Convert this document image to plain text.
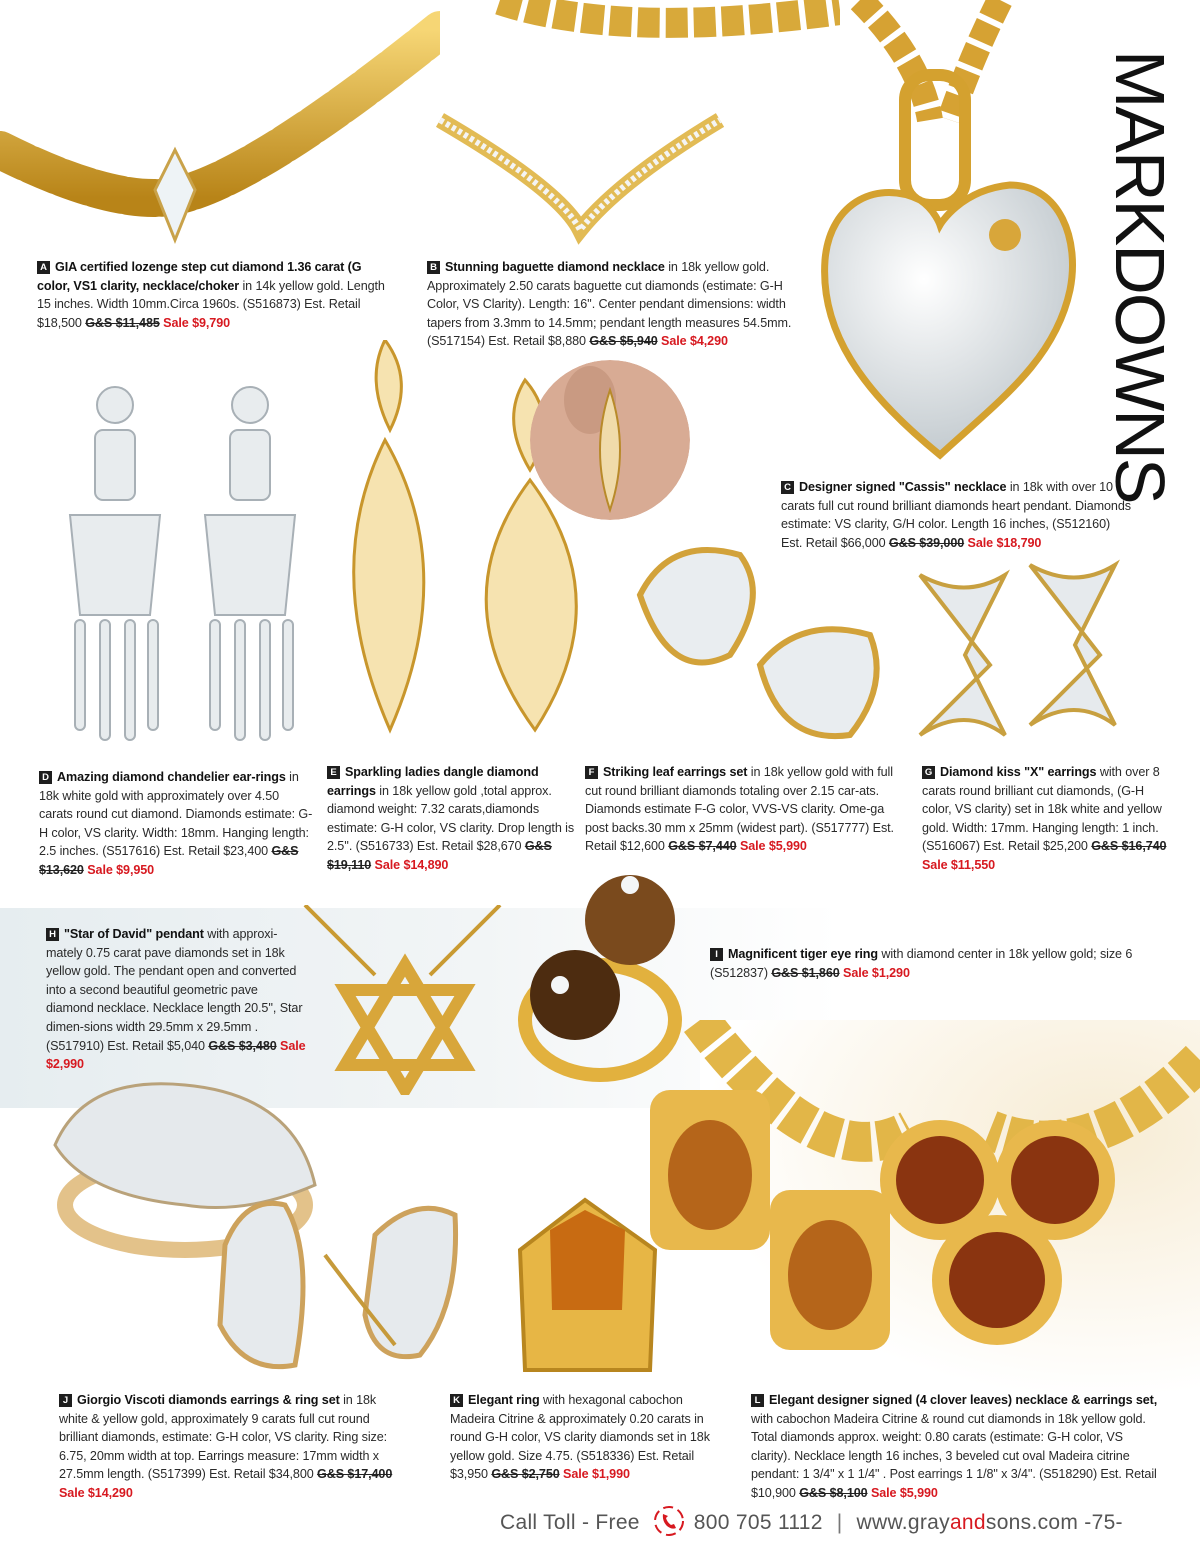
MARKDOWNS
A GIA certified lozenge step cut diamond 1.36 carat (G color, VS1 clarity, necklace/choker in 14k yellow gold. Length 15 inches. Width 10mm.Circa 1960s. (S516873) Est. Retail $18,500 G&S $11,485 Sale $9,790
B Stunning baguette diamond necklace in 18k yellow gold. Approximately 2.50 carats baguette cut diamonds (estimate: G-H Color, VS Clarity). Length: 16''. Center pendant dimensions: width tapers from 3.3mm to 14.5mm; pendant length measures 54.5mm. (S517154) Est. Retail $8,880 G&S $5,940 Sale $4,290
C Designer signed "Cassis" necklace in 18k with over 10 carats full cut round brilliant diamonds heart pendant. Diamonds estimate: VS clarity, G/H color. Length 16 inches, (S512160) Est. Retail $66,000 G&S $39,000 Sale $18,790
D Amazing diamond chandelier ear-rings in 18k white gold with approximately over 4.50 carats round cut diamond. Diamonds estimate: G-H color, VS clarity. Width: 18mm. Hanging length: 2.5 inches. (S517616) Est. Retail $23,400 G&S $13,620 Sale $9,950
E Sparkling ladies dangle diamond earrings in 18k yellow gold ,total approx. diamond weight: 7.32 carats,diamonds estimate: G-H color, VS clarity. Drop length is 2.5''. (S516733) Est. Retail $28,670 G&S $19,110 Sale $14,890
F Striking leaf earrings set in 18k yellow gold with full cut round brilliant diamonds totaling over 2.15 car-ats. Diamonds estimate F-G color, VVS-VS clarity. Ome-ga post backs.30 mm x 25mm (widest part). (S517777) Est. Retail $12,600 G&S $7,440 Sale $5,990
G Diamond kiss "X" earrings with over 8 carats round brilliant cut diamonds, (G-H color, VS clarity) set in 18k white and yellow gold. Width: 17mm. Hanging length: 1 inch. (S516067) Est. Retail $25,200 G&S $16,740 Sale $11,550
H "Star of David" pendant with approxi-mately 0.75 carat pave diamonds set in 18k yellow gold. The pendant open and converted into a second beautiful geometric pave diamond necklace. Necklace length 20.5'', Star dimen-sions width 29.5mm x 29.5mm . (S517910) Est. Retail $5,040 G&S $3,480 Sale $2,990
I Magnificent tiger eye ring with diamond center in 18k yellow gold; size 6 (S512837) G&S $1,860 Sale $1,290
J Giorgio Viscoti diamonds earrings & ring set in 18k white & yellow gold, approximately 9 carats full cut round brilliant diamonds, estimate: G-H color, VS clarity. Ring size: 6.75, 20mm width at top. Earrings measure: 17mm width x 27.5mm length. (S517399) Est. Retail $34,800 G&S $17,400 Sale $14,290
K Elegant ring with hexagonal cabochon Madeira Citrine & approximately 0.20 carats in round G-H color, VS clarity diamonds set in 18k yellow gold. Size 4.75. (S518336) Est. Retail $3,950 G&S $2,750 Sale $1,990
L Elegant designer signed (4 clover leaves) necklace & earrings set, with cabochon Madeira Citrine & round cut diamonds in 18k yellow gold. Total diamonds approx. weight: 0.80 carats (estimate: G-H color, VS clarity). Necklace length 16 inches, 3 beveled cut oval Madeira citrine pendant: 1 3/4" x 1 1/4" . Post earrings 1 1/8" x 3/4". (S518290) Est. Retail $10,900 G&S $8,100 Sale $5,990
Call Toll - Free	800 705 1112 | www.grayandsons.com -75-
